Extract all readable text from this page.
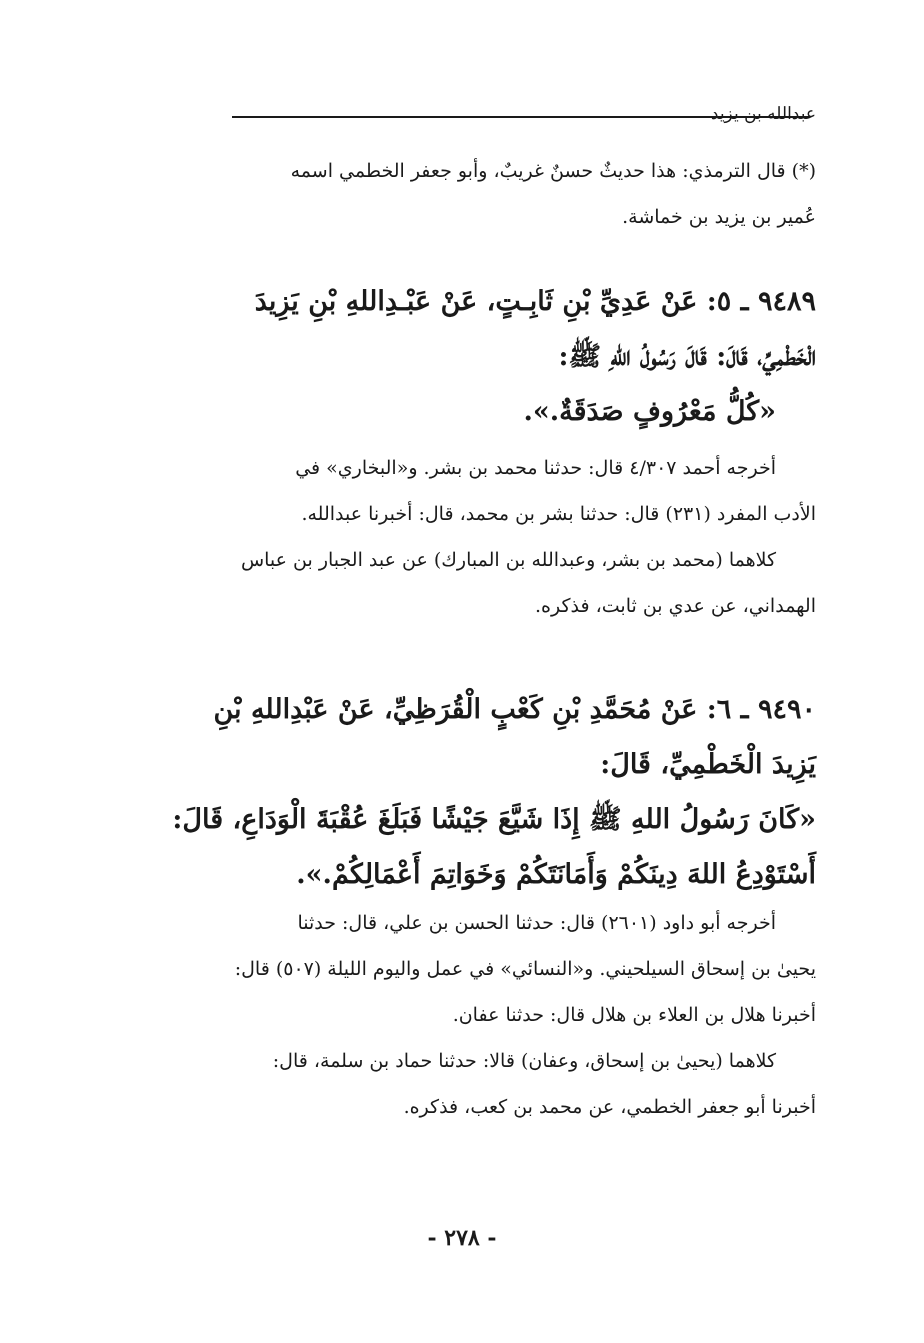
عبدالله بن يزيد

(*) قال الترمذي: هذا حديثٌ حسنٌ غريبٌ، وأبو جعفر الخطمي اسمه

عُمير بن يزيد بن خماشة.

٩٤٨٩ ـ ٥: عَنْ عَدِيِّ بْنِ ثَابِـتٍ، عَنْ عَبْـدِاللهِ بْنِ يَزِيدَ

الْخَطْمِيِّ، قَالَ: قَالَ رَسُولُ اللهِ ﷺ:

«كُلُّ مَعْرُوفٍ صَدَقَةٌ.».

أخرجه أحمد ٤/٣٠٧ قال: حدثنا محمد بن بشر. و«البخاري» في

الأدب المفرد (٢٣١) قال: حدثنا بشر بن محمد، قال: أخبرنا عبدالله.

كلاهما (محمد بن بشر، وعبدالله بن المبارك) عن عبد الجبار بن عباس

الهمداني، عن عدي بن ثابت، فذكره.

٩٤٩٠ ـ ٦: عَنْ مُحَمَّدِ بْنِ كَعْبٍ الْقُرَظِيِّ، عَنْ عَبْدِاللهِ بْنِ

يَزِيدَ الْخَطْمِيِّ، قَالَ:

«كَانَ رَسُولُ اللهِ ﷺ إِذَا شَيَّعَ جَيْشًا فَبَلَغَ عُقْبَةَ الْوَدَاعِ، قَالَ:

أَسْتَوْدِعُ اللهَ دِينَكُمْ وَأَمَانَتَكُمْ وَخَوَاتِمَ أَعْمَالِكُمْ.».

أخرجه أبو داود (٢٦٠١) قال: حدثنا الحسن بن علي، قال: حدثنا

يحيىٰ بن إسحاق السيلحيني. و«النسائي» في عمل واليوم الليلة (٥٠٧) قال:

أخبرنا هلال بن العلاء بن هلال قال: حدثنا عفان.

كلاهما (يحيىٰ بن إسحاق، وعفان) قالا: حدثنا حماد بن سلمة، قال:

أخبرنا أبو جعفر الخطمي، عن محمد بن كعب، فذكره.

- ٢٧٨ -
